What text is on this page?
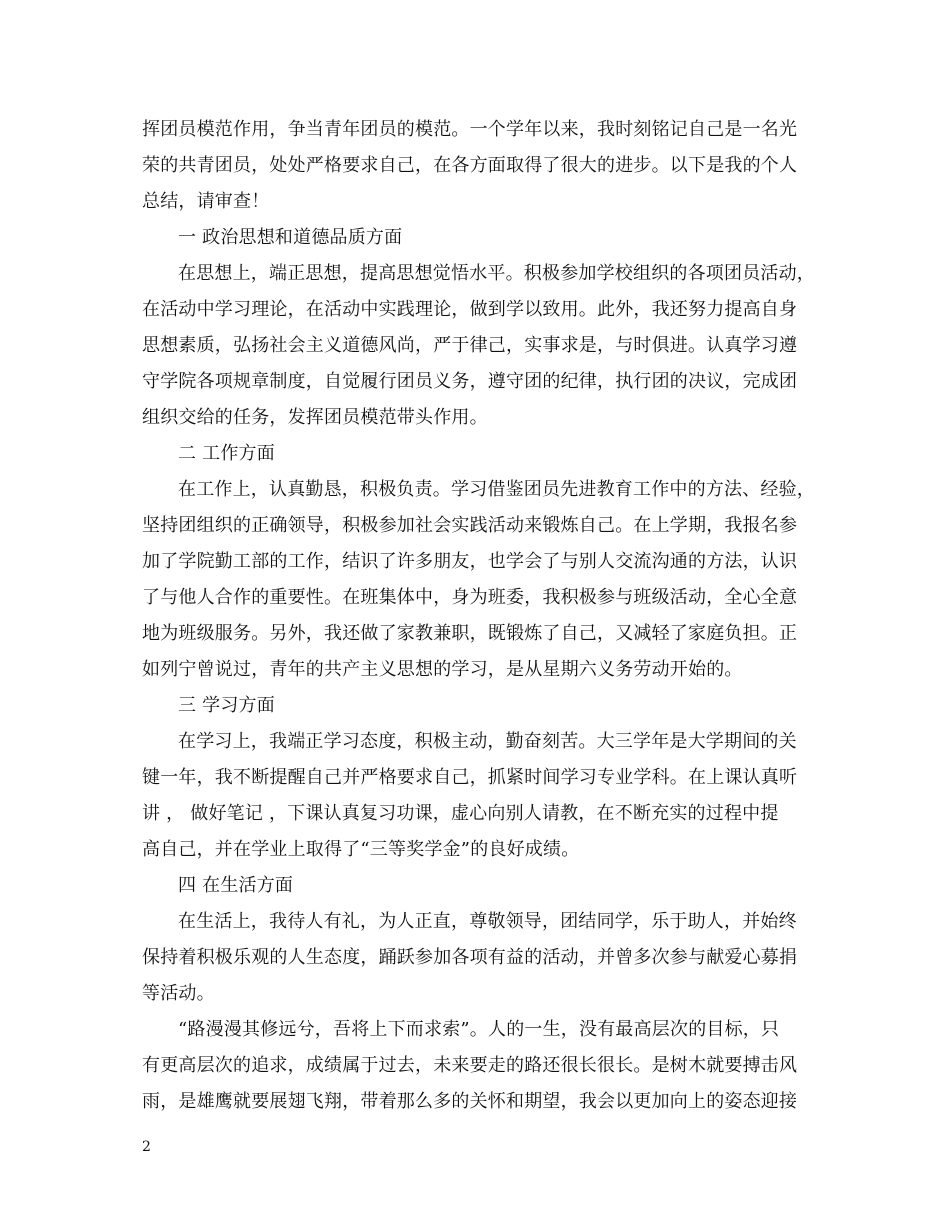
挥团员模范作用，争当青年团员的模范。一个学年以来，我时刻铭记自己是一名光
荣的共青团员，处处严格要求自己，在各方面取得了很大的进步。以下是我的个人
总结，请审查！
一 政治思想和道德品质方面
在思想上，端正思想，提高思想觉悟水平。积极参加学校组织的各项团员活动，
在活动中学习理论，在活动中实践理论，做到学以致用。此外，我还努力提高自身
思想素质，弘扬社会主义道德风尚，严于律己，实事求是，与时俱进。认真学习遵
守学院各项规章制度，自觉履行团员义务，遵守团的纪律，执行团的决议，完成团
组织交给的任务，发挥团员模范带头作用。
二 工作方面
在工作上，认真勤恳，积极负责。学习借鉴团员先进教育工作中的方法、经验，
坚持团组织的正确领导，积极参加社会实践活动来锻炼自己。在上学期，我报名参
加了学院勤工部的工作，结识了许多朋友，也学会了与别人交流沟通的方法，认识
了与他人合作的重要性。在班集体中，身为班委，我积极参与班级活动，全心全意
地为班级服务。另外，我还做了家教兼职，既锻炼了自己，又减轻了家庭负担。正
如列宁曾说过，青年的共产主义思想的学习，是从星期六义务劳动开始的。
三 学习方面
在学习上，我端正学习态度，积极主动，勤奋刻苦。大三学年是大学期间的关
键一年，我不断提醒自己并严格要求自己，抓紧时间学习专业学科。在上课认真听
讲 ， 做好笔记 ，下课认真复习功课，虚心向别人请教，在不断充实的过程中提
高自己，并在学业上取得了“三等奖学金”的良好成绩。
四 在生活方面
在生活上，我待人有礼，为人正直，尊敬领导，团结同学，乐于助人，并始终
保持着积极乐观的人生态度，踊跃参加各项有益的活动，并曾多次参与献爱心募捐
等活动。
“路漫漫其修远兮，吾将上下而求索”。人的一生，没有最高层次的目标，只
有更高层次的追求，成绩属于过去，未来要走的路还很长很长。是树木就要搏击风
雨，是雄鹰就要展翅飞翔，带着那么多的关怀和期望，我会以更加向上的姿态迎接
2
